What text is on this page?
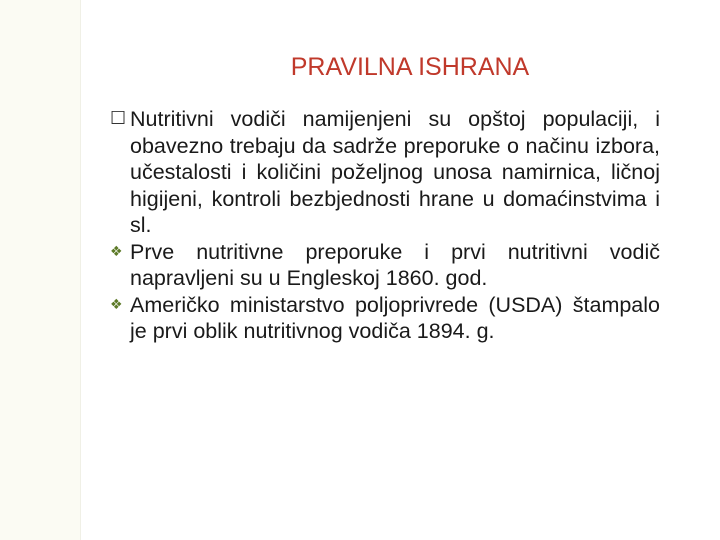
PRAVILNA ISHRANA
☐ Nutritivni vodiči namijenjeni su opštoj populaciji, i obavezno trebaju da sadrže preporuke o načinu izbora, učestalosti i količini poželjnog unosa namirnica, ličnoj higijeni, kontroli bezbjednosti hrane u domaćinstvima i sl.
❖ Prve nutritivne preporuke i prvi nutritivni vodič napravljeni su u Engleskoj 1860. god.
❖ Američko ministarstvo poljoprivrede (USDA) štampalo je prvi oblik nutritivnog vodiča 1894. g.
